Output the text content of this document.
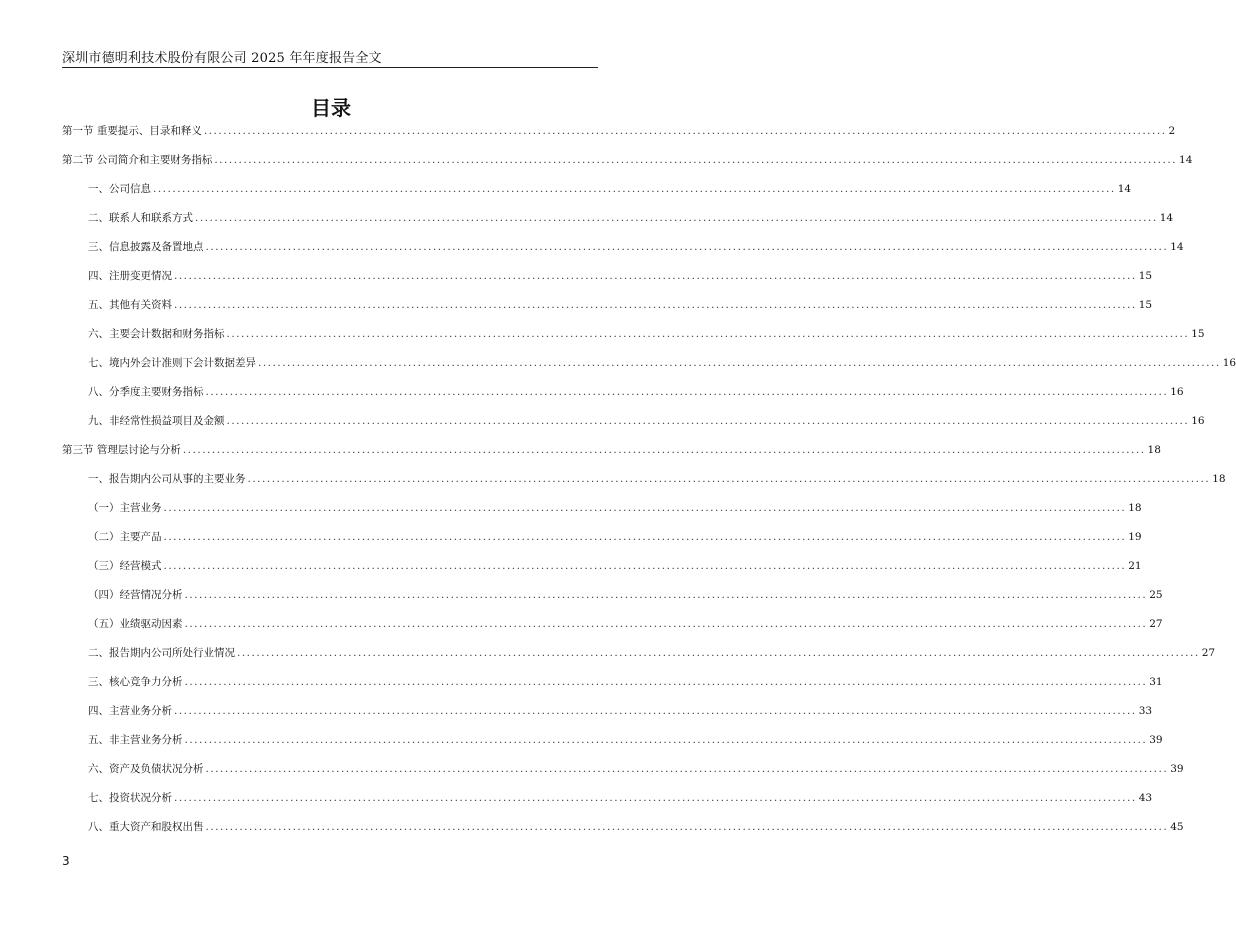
深圳市德明利技术股份有限公司 2025 年年度报告全文
目录
第一节 重要提示、目录和释义 ....................................................................................................................................................................................................... 2
第二节 公司简介和主要财务指标 ....................................................................................................................................................................................................... 14
一、公司信息 ....................................................................................................................................................................................................... 14
二、联系人和联系方式 ....................................................................................................................................................................................................... 14
三、信息披露及备置地点 ....................................................................................................................................................................................................... 14
四、注册变更情况 ....................................................................................................................................................................................................... 15
五、其他有关资料 ....................................................................................................................................................................................................... 15
六、主要会计数据和财务指标 ....................................................................................................................................................................................................... 15
七、境内外会计准则下会计数据差异 ....................................................................................................................................................................................................... 16
八、分季度主要财务指标 ....................................................................................................................................................................................................... 16
九、非经常性损益项目及金额 ....................................................................................................................................................................................................... 16
第三节 管理层讨论与分析 ....................................................................................................................................................................................................... 18
一、报告期内公司从事的主要业务 ....................................................................................................................................................................................................... 18
（一）主营业务 ....................................................................................................................................................................................................... 18
（二）主要产品 ....................................................................................................................................................................................................... 19
（三）经营模式 ....................................................................................................................................................................................................... 21
（四）经营情况分析 ....................................................................................................................................................................................................... 25
（五）业绩驱动因素 ....................................................................................................................................................................................................... 27
二、报告期内公司所处行业情况 ....................................................................................................................................................................................................... 27
三、核心竞争力分析 ....................................................................................................................................................................................................... 31
四、主营业务分析 ....................................................................................................................................................................................................... 33
五、非主营业务分析 ....................................................................................................................................................................................................... 39
六、资产及负债状况分析 ....................................................................................................................................................................................................... 39
七、投资状况分析 ....................................................................................................................................................................................................... 43
八、重大资产和股权出售 ....................................................................................................................................................................................................... 45
3
